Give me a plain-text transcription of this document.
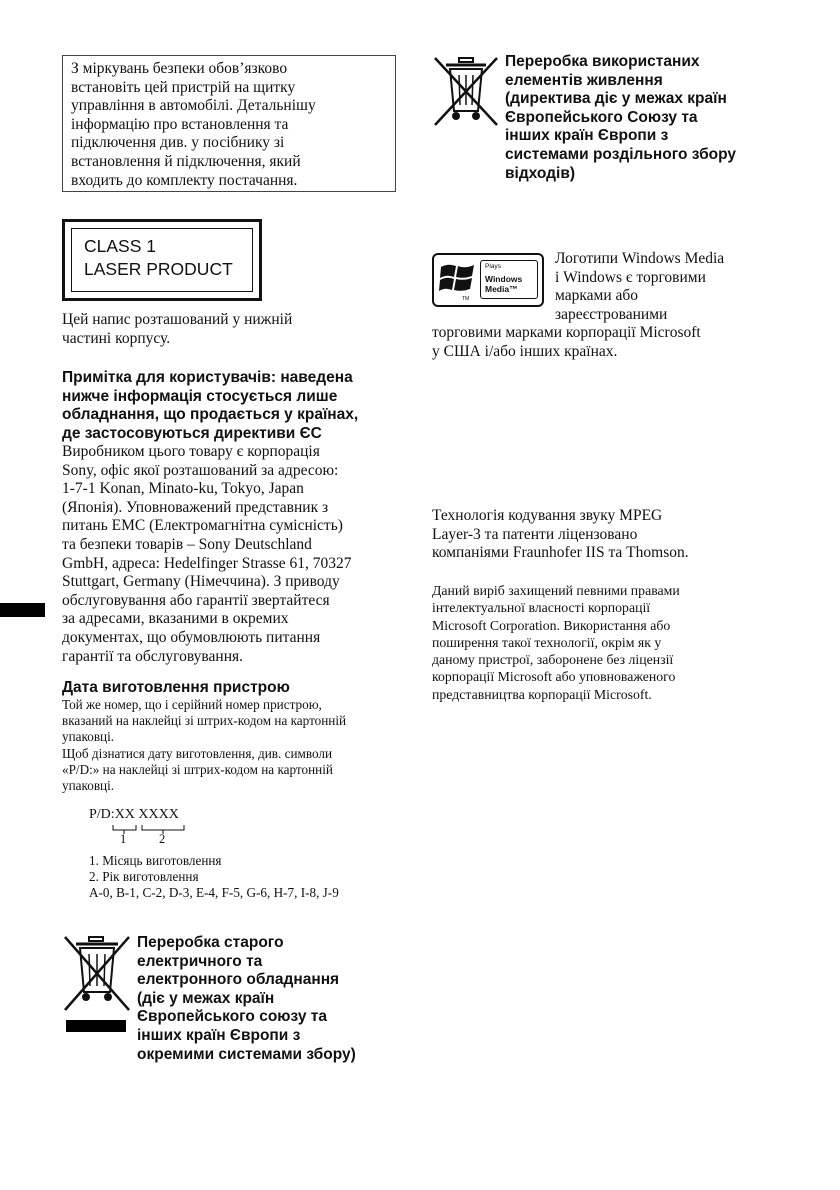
З міркувань безпеки обов’язково
встановіть цей пристрій на щитку
управління в автомобілі. Детальнішу
інформацію про встановлення та
підключення див. у посібнику зі
встановлення й підключення, який
входить до комплекту постачання.

CLASS 1
LASER PRODUCT

Цей напис розташований у нижній
частині корпусу.

Примітка для користувачів: наведена
нижче інформація стосується лише
обладнання, що продається у країнах,
де застосовуються директиви ЄС

Виробником цього товару є корпорація
Sony, офіс якої розташований за адресою:
1-7-1 Konan, Minato-ku, Tokyo, Japan
(Японія). Уповноважений представник з
питань EMC (Електромагнітна сумісність)
та безпеки товарів – Sony Deutschland
GmbH, адреса: Hedelfinger Strasse 61, 70327
Stuttgart, Germany (Німеччина). З приводу
обслуговування або гарантії звертайтеся
за адресами, вказаними в окремих
документах, що обумовлюють питання
гарантії та обслуговування.

Дата виготовлення пристрою

Той же номер, що і серійний номер пристрою,
вказаний на наклейці зі штрих-кодом на картонній
упаковці.
Щоб дізнатися дату виготовлення, див. символи
«P/D:» на наклейці зі штрих-кодом на картонній
упаковці.

P/D:XX XXXX
1	2

1. Місяць виготовлення
2. Рік виготовлення
A-0, B-1, C-2, D-3, E-4, F-5, G-6, H-7, I-8, J-9

Переробка старого
електричного та
електронного обладнання
(діє у межах країн
Європейського союзу та
інших країн Європи з
окремими системами збору)

Переробка використаних
елементів живлення
(директива діє у межах країн
Європейського Союзу та
інших країн Європи з
системами роздільного збору
відходів)

TM
Plays
Windows
Media™

Логотипи Windows Media
і Windows є торговими
марками або
зареєстрованими

торговими марками корпорації Microsoft
у США і/або інших країнах.

Технологія кодування звуку MPEG
Layer-3 та патенти ліцензовано
компаніями Fraunhofer IIS та Thomson.

Даний виріб захищений певними правами
інтелектуальної власності корпорації
Microsoft Corporation. Використання або
поширення такої технології, окрім як у
даному пристрої, заборонене без ліцензії
корпорації Microsoft або уповноваженого
представництва корпорації Microsoft.
